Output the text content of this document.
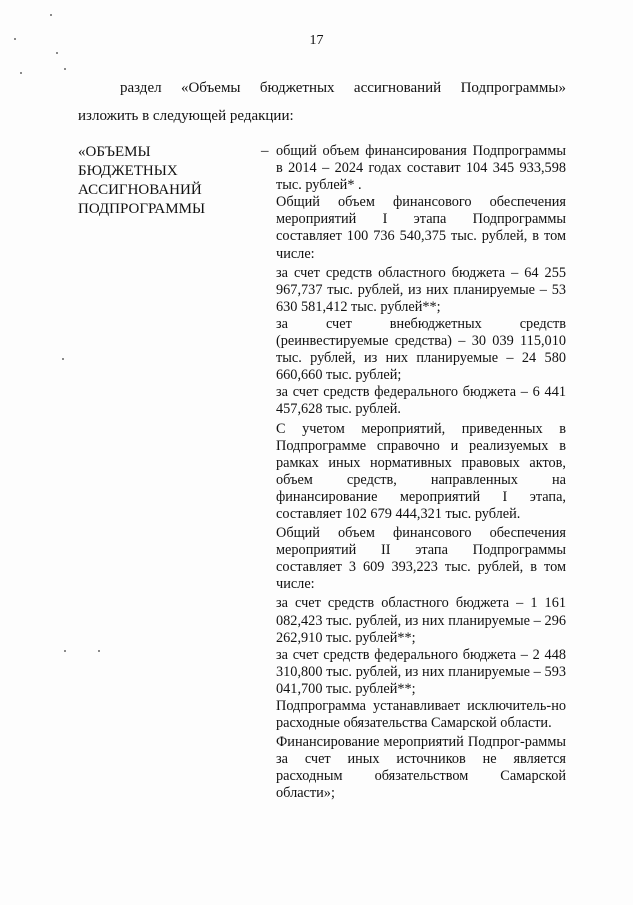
17
раздел «Объемы бюджетных ассигнований Подпрограммы»
изложить в следующей редакции:
«ОБЪЕМЫ
БЮДЖЕТНЫХ
АССИГНОВАНИЙ
ПОДПРОГРАММЫ
– общий объем финансирования Подпрограммы в 2014 – 2024 годах составит 104 345 933,598 тыс. рублей* .

Общий объем финансового обеспечения мероприятий I этапа Подпрограммы составляет 100 736 540,375 тыс. рублей, в том числе:

за счет средств областного бюджета – 64 255 967,737 тыс. рублей, из них планируемые – 53 630 581,412 тыс. рублей**;

за счет внебюджетных средств (реинвестируемые средства) – 30 039 115,010 тыс. рублей, из них планируемые – 24 580 660,660 тыс. рублей;

за счет средств федерального бюджета – 6 441 457,628 тыс. рублей.

С учетом мероприятий, приведенных в Подпрограмме справочно и реализуемых в рамках иных нормативных правовых актов, объем средств, направленных на финансирование мероприятий I этапа, составляет 102 679 444,321 тыс. рублей.

Общий объем финансового обеспечения мероприятий II этапа Подпрограммы составляет 3 609 393,223 тыс. рублей, в том числе:

за счет средств областного бюджета – 1 161 082,423 тыс. рублей, из них планируемые – 296 262,910 тыс. рублей**;

за счет средств федерального бюджета – 2 448 310,800 тыс. рублей, из них планируемые – 593 041,700 тыс. рублей**;

Подпрограмма устанавливает исключитель-но расходные обязательства Самарской области.

Финансирование мероприятий Подпрог-раммы за счет иных источников не является расходным обязательством Самарской области»;
